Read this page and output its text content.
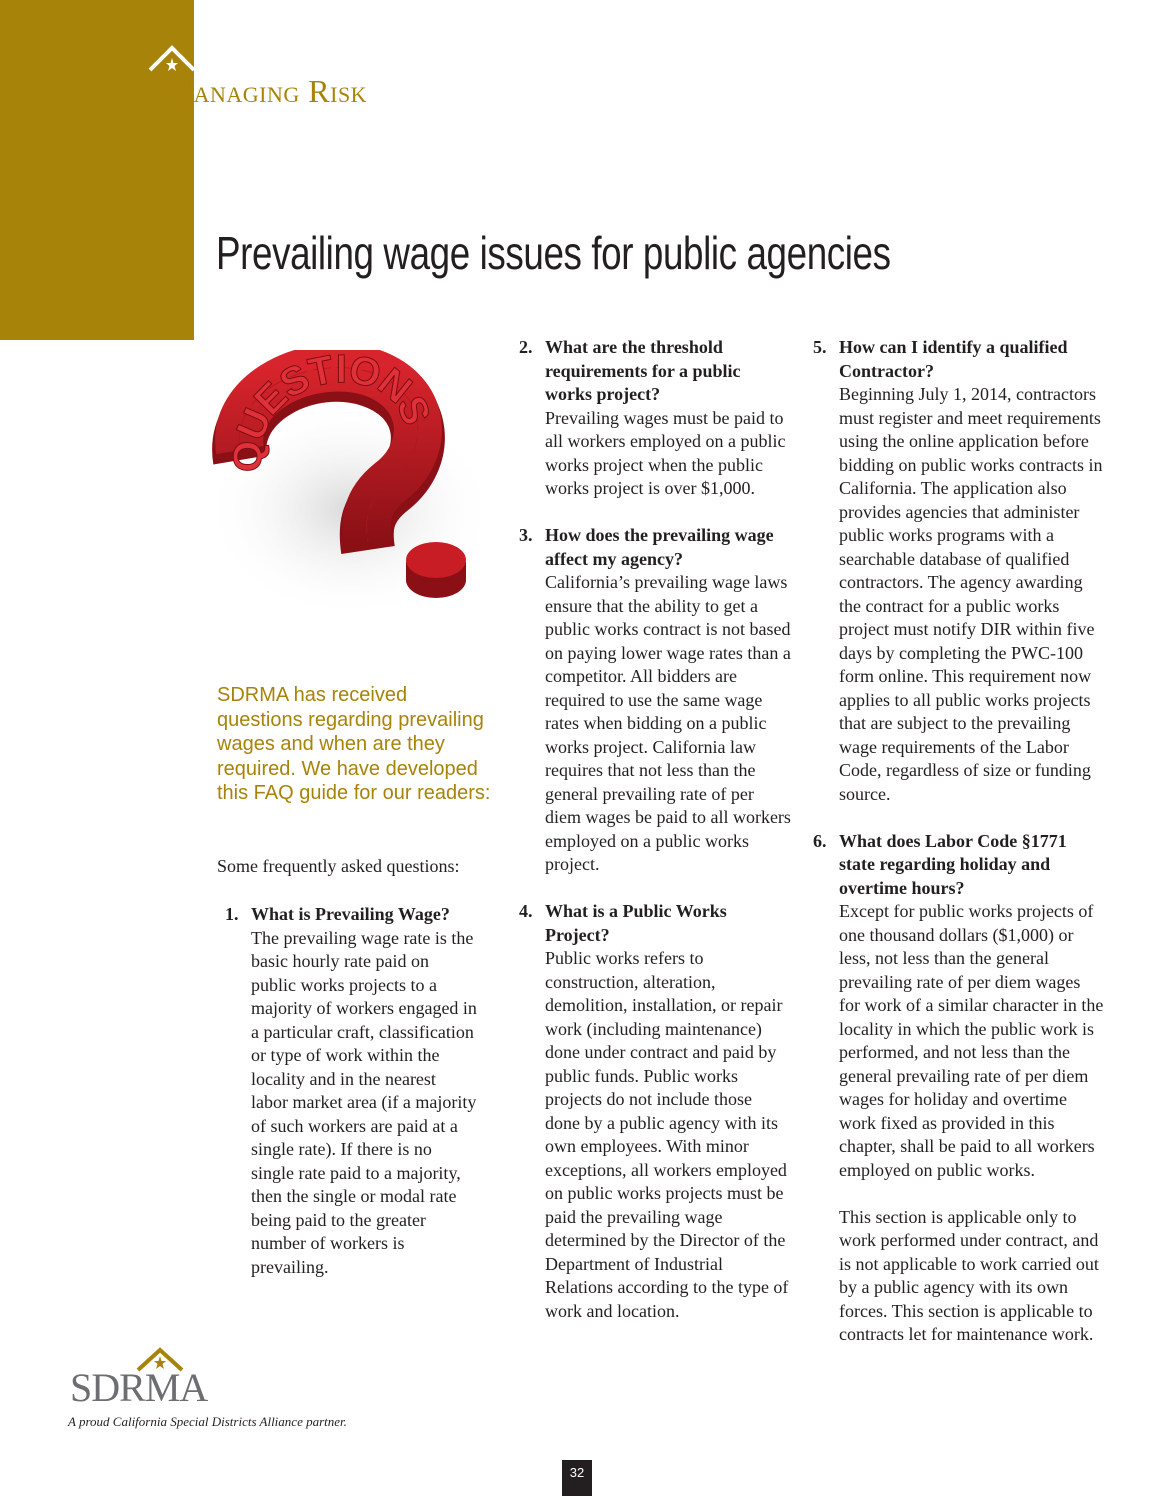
Managing Risk
Prevailing wage issues for public agencies
QUESTIONS

SDRMA has received questions regarding prevailing wages and when are they required. We have developed this FAQ guide for our readers:

Some frequently asked questions:

1. What is Prevailing Wage?

The prevailing wage rate is the basic hourly rate paid on public works projects to a majority of workers engaged in a particular craft, classification or type of work within the locality and in the nearest labor market area (if a majority of such workers are paid at a single rate). If there is no single rate paid to a majority, then the single or modal rate being paid to the greater number of workers is prevailing.

2. What are the threshold requirements for a public works project?

Prevailing wages must be paid to all workers employed on a public works project when the public works project is over $1,000.

3. How does the prevailing wage affect my agency?

California’s prevailing wage laws ensure that the ability to get a public works contract is not based on paying lower wage rates than a competitor. All bidders are required to use the same wage rates when bidding on a public works project. California law requires that not less than the general prevailing rate of per diem wages be paid to all workers employed on a public works project.

4. What is a Public Works Project?

Public works refers to construction, alteration, demolition, installation, or repair work (including maintenance) done under contract and paid by public funds. Public works projects do not include those done by a public agency with its own employees. With minor exceptions, all workers employed on public works projects must be paid the prevailing wage determined by the Director of the Department of Industrial Relations according to the type of work and location.

5. How can I identify a qualified Contractor?

Beginning July 1, 2014, contractors must register and meet requirements using the online application before bidding on public works contracts in California. The application also provides agencies that administer public works programs with a searchable database of qualified contractors. The agency awarding the contract for a public works project must notify DIR within five days by completing the PWC-100 form online. This requirement now applies to all public works projects that are subject to the prevailing wage requirements of the Labor Code, regardless of size or funding source.

6. What does Labor Code §1771 state regarding holiday and overtime hours?

Except for public works projects of one thousand dollars ($1,000) or less, not less than the general prevailing rate of per diem wages for work of a similar character in the locality in which the public work is performed, and not less than the general prevailing rate of per diem wages for holiday and overtime work fixed as provided in this chapter, shall be paid to all workers employed on public works.

This section is applicable only to work performed under contract, and is not applicable to work carried out by a public agency with its own forces. This section is applicable to contracts let for maintenance work.

SDRMA

A proud California Special Districts Alliance partner.

32
